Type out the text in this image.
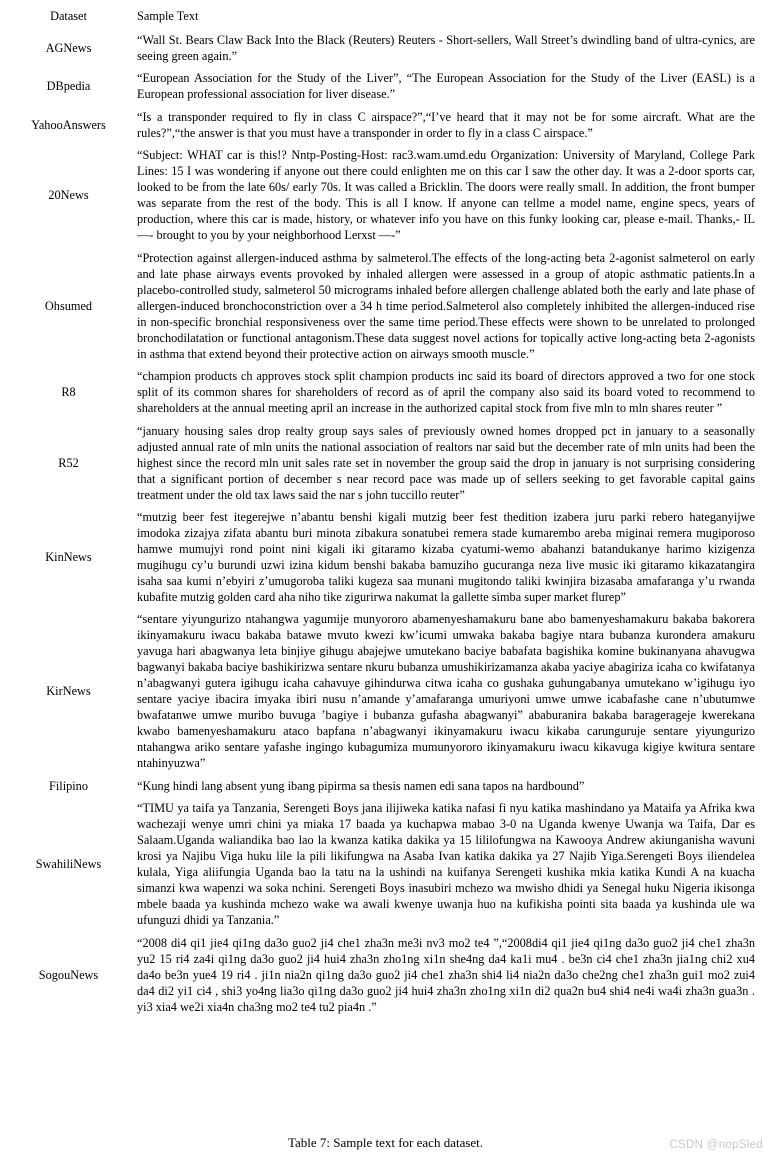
Dataset	Sample Text

AGNews	“Wall St. Bears Claw Back Into the Black (Reuters) Reuters - Short-sellers, Wall Street’s dwindling band of ultra-cynics, are seeing green again.”

DBpedia	“European Association for the Study of the Liver”, “The European Association for the Study of the Liver (EASL) is a European professional association for liver disease.”

YahooAnswers	“Is a transponder required to fly in class C airspace?”,“I’ve heard that it may not be for some aircraft. What are the rules?”,“the answer is that you must have a transponder in order to fly in a class C airspace.”

20News	“Subject: WHAT car is this!? Nntp-Posting-Host: rac3.wam.umd.edu Organization: University of Maryland, College Park Lines: 15 I was wondering if anyone out there could enlighten me on this car I saw the other day. It was a 2-door sports car, looked to be from the late 60s/ early 70s. It was called a Bricklin. The doors were really small. In addition, the front bumper was separate from the rest of the body. This is all I know. If anyone can tellme a model name, engine specs, years of production, where this car is made, history, or whatever info you have on this funky looking car, please e-mail. Thanks,- IL —- brought to you by your neighborhood Lerxst —-”

Ohsumed	“Protection against allergen-induced asthma by salmeterol.The effects of the long-acting beta 2-agonist salmeterol on early and late phase airways events provoked by inhaled allergen were assessed in a group of atopic asthmatic patients.In a placebo-controlled study, salmeterol 50 micrograms inhaled before allergen challenge ablated both the early and late phase of allergen-induced bronchoconstriction over a 34 h time period.Salmeterol also completely inhibited the allergen-induced rise in non-specific bronchial responsiveness over the same time period.These effects were shown to be unrelated to prolonged bronchodilatation or functional antagonism.These data suggest novel actions for topically active long-acting beta 2-agonists in asthma that extend beyond their protective action on airways smooth muscle.”

R8	“champion products ch approves stock split champion products inc said its board of directors approved a two for one stock split of its common shares for shareholders of record as of april the company also said its board voted to recommend to shareholders at the annual meeting april an increase in the authorized capital stock from five mln to mln shares reuter ”

R52	“january housing sales drop realty group says sales of previously owned homes dropped pct in january to a seasonally adjusted annual rate of mln units the national association of realtors nar said but the december rate of mln units had been the highest since the record mln unit sales rate set in november the group said the drop in january is not surprising considering that a significant portion of december s near record pace was made up of sellers seeking to get favorable capital gains treatment under the old tax laws said the nar s john tuccillo reuter”

KinNews	“mutzig beer fest itegerejwe n’abantu benshi kigali mutzig beer fest thedition izabera juru parki rebero hateganyijwe imodoka zizajya zifata abantu buri minota zibakura sonatubei remera stade kumarembo areba miginai remera mugiporoso hamwe mumujyi rond point nini kigali iki gitaramo kizaba cyatumi-wemo abahanzi batandukanye harimo kizigenza mugihugu cy’u burundi uzwi izina kidum benshi bakaba bamuziho gucuranga neza live music iki gitaramo kikazatangira isaha saa kumi n’ebyiri z’umugoroba taliki kugeza saa munani mugitondo taliki kwinjira bizasaba amafaranga y’u rwanda kubafite mutzig golden card aha niho tike zigurirwa nakumat la gallette simba super market flurep”

KirNews	“sentare yiyungurizo ntahangwa yagumije munyororo abamenyeshamakuru bane abo bamenyeshamakuru bakaba bakorera ikinyamakuru iwacu bakaba batawe mvuto kwezi kw’icumi umwaka bakaba bagiye ntara bubanza kurondera amakuru yavuga hari abagwanya leta binjiye gihugu abajejwe umutekano baciye babafata bagishika komine bukinanyana ahavugwa bagwanyi bakaba baciye bashikirizwa sentare nkuru bubanza umushikirizamanza akaba yaciye abagiriza icaha co kwifatanya n’abagwanyi gutera igihugu icaha cahavuye gihindurwa citwa icaha co gushaka guhungabanya umutekano w’igihugu iyo sentare yaciye ibacira imyaka ibiri nusu n’amande y’amafaranga umuriyoni umwe umwe icabafashe cane n’ubutumwe bwafatanwe umwe muribo buvuga ’bagiye i bubanza gufasha abagwanyi” ababuranira bakaba baragerageje kwerekana kwabo bamenyeshamakuru ataco bapfana n’abagwanyi ikinyamakuru iwacu kikaba carunguruje sentare yiyungurizo ntahangwa ariko sentare yafashe ingingo kubagumiza mumunyororo ikinyamakuru iwacu kikavuga kigiye kwitura sentare ntahinyuzwa”

Filipino	“Kung hindi lang absent yung ibang pipirma sa thesis namen edi sana tapos na hardbound”

SwahiliNews	“TIMU ya taifa ya Tanzania, Serengeti Boys jana ilijiweka katika nafasi fi nyu katika mashindano ya Mataifa ya Afrika kwa wachezaji wenye umri chini ya miaka 17 baada ya kuchapwa mabao 3-0 na Uganda kwenye Uwanja wa Taifa, Dar es Salaam.Uganda waliandika bao lao la kwanza katika dakika ya 15 lililofungwa na Kawooya Andrew akiunganisha wavuni krosi ya Najibu Viga huku lile la pili likifungwa na Asaba Ivan katika dakika ya 27 Najib Yiga.Serengeti Boys iliendelea kulala, Yiga aliifungia Uganda bao la tatu na la ushindi na kuifanya Serengeti kushika mkia katika Kundi A na kuacha simanzi kwa wapenzi wa soka nchini. Serengeti Boys inasubiri mchezo wa mwisho dhidi ya Senegal huku Nigeria ikisonga mbele baada ya kushinda mchezo wake wa awali kwenye uwanja huo na kufikisha pointi sita baada ya kushinda ule wa ufunguzi dhidi ya Tanzania.”

SogouNews	“2008 di4 qi1 jie4 qi1ng da3o guo2 ji4 che1 zha3n me3i nv3 mo2 te4 ”,“2008di4 qi1 jie4 qi1ng da3o guo2 ji4 che1 zha3n yu2 15 ri4 za4i qi1ng da3o guo2 ji4 hui4 zha3n zho1ng xi1n she4ng da4 ka1i mu4 . be3n ci4 che1 zha3n jia1ng chi2 xu4 da4o be3n yue4 19 ri4 . ji1n nia2n qi1ng da3o guo2 ji4 che1 zha3n shi4 li4 nia2n da3o che2ng che1 zha3n gui1 mo2 zui4 da4 di2 yi1 ci4 , shi3 yo4ng lia3o qi1ng da3o guo2 ji4 hui4 zha3n zho1ng xi1n di2 qua2n bu4 shi4 ne4i wa4i zha3n gua3n . yi3 xia4 we2i xia4n cha3ng mo2 te4 tu2 pia4n .”

Table 7: Sample text for each dataset.	CSDN @nopSled
